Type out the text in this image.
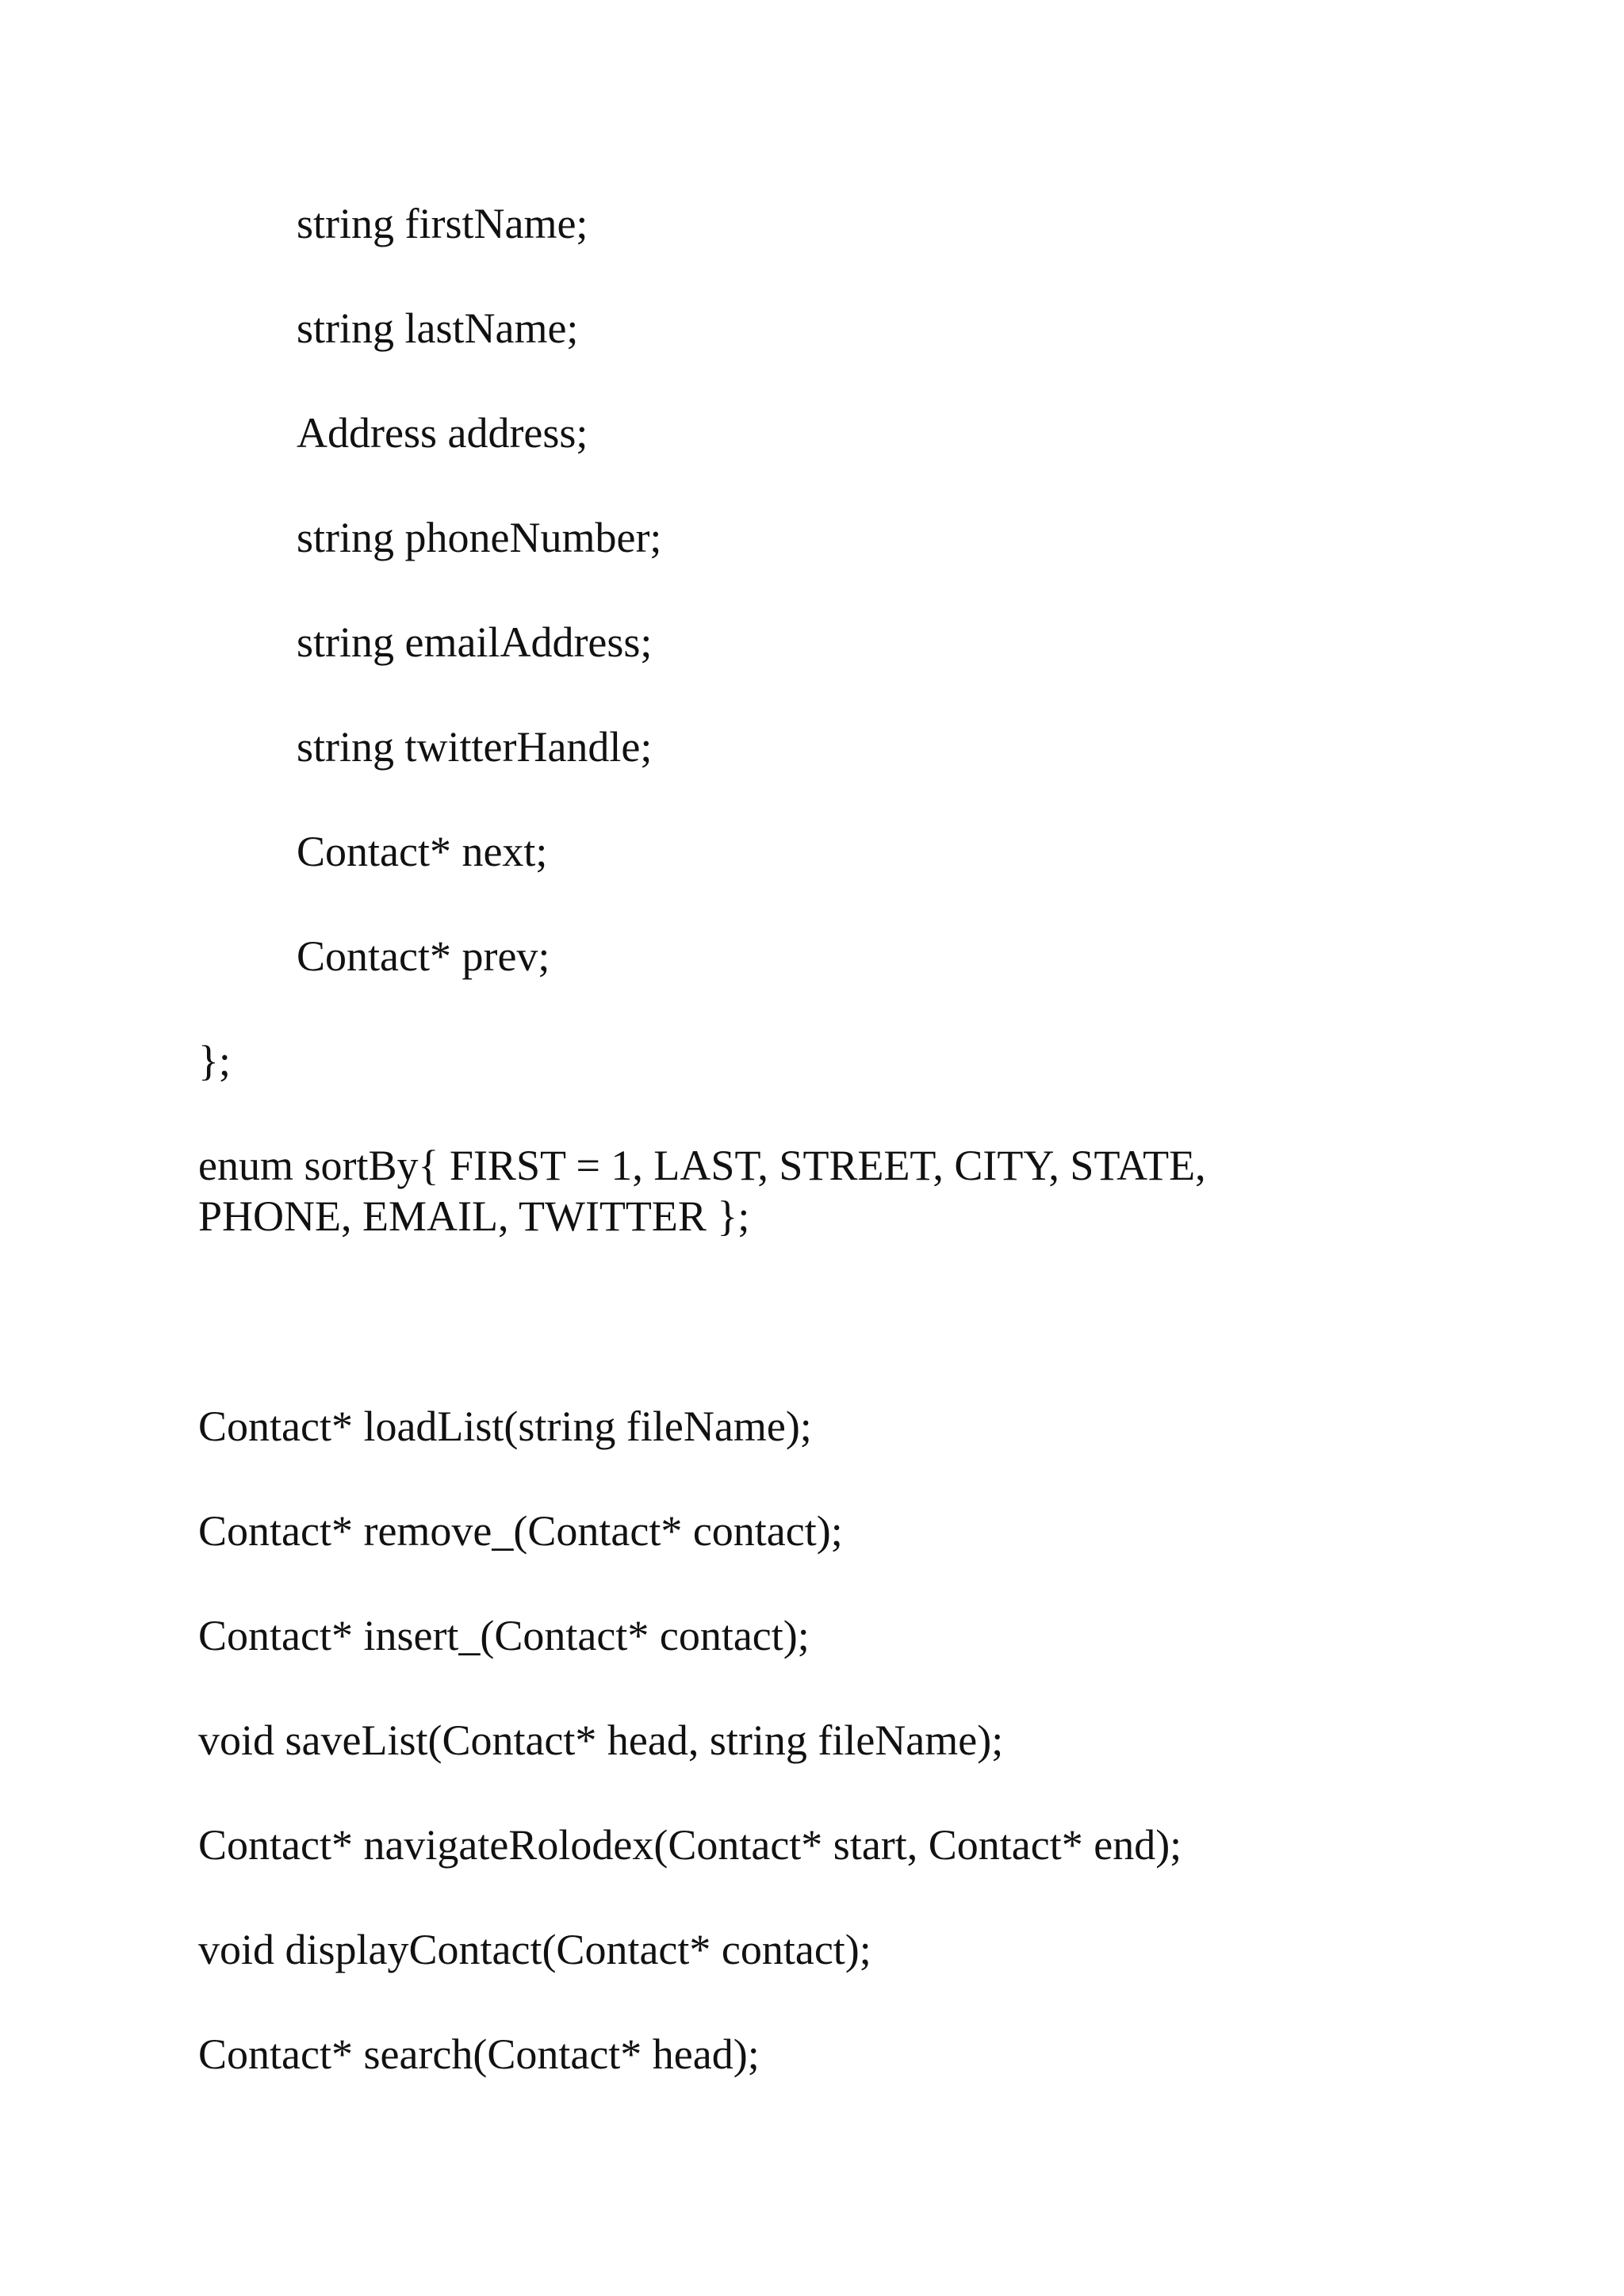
string firstName;

string lastName;

Address address;

string phoneNumber;

string emailAddress;

string twitterHandle;

Contact* next;

Contact* prev;

};

enum sortBy{ FIRST = 1, LAST, STREET, CITY, STATE,

PHONE, EMAIL, TWITTER };

Contact* loadList(string fileName);

Contact* remove_(Contact* contact);

Contact* insert_(Contact* contact);

void saveList(Contact* head, string fileName);

Contact* navigateRolodex(Contact* start, Contact* end);

void displayContact(Contact* contact);

Contact* search(Contact* head);
